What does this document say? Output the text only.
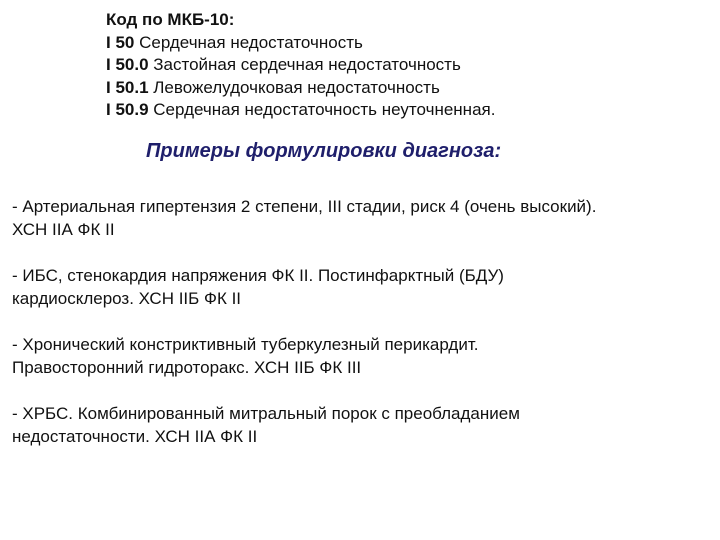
Код по МКБ-10:
I 50 Сердечная недостаточность
I 50.0 Застойная сердечная недостаточность
I 50.1 Левожелудочковая недостаточность
I 50.9 Сердечная недостаточность неуточненная.
Примеры формулировки диагноза:
- Артериальная гипертензия 2 степени, III стадии, риск 4 (очень высокий).
ХСН IIА ФК II
- ИБС, стенокардия напряжения ФК II. Постинфарктный (БДУ)
кардиосклероз. ХСН IIБ ФК II
- Хронический констриктивный туберкулезный перикардит.
Правосторонний гидроторакс. ХСН IIБ ФК III
- ХРБС. Комбинированный митральный порок с преобладанием
недостаточности. ХСН IIА ФК II
